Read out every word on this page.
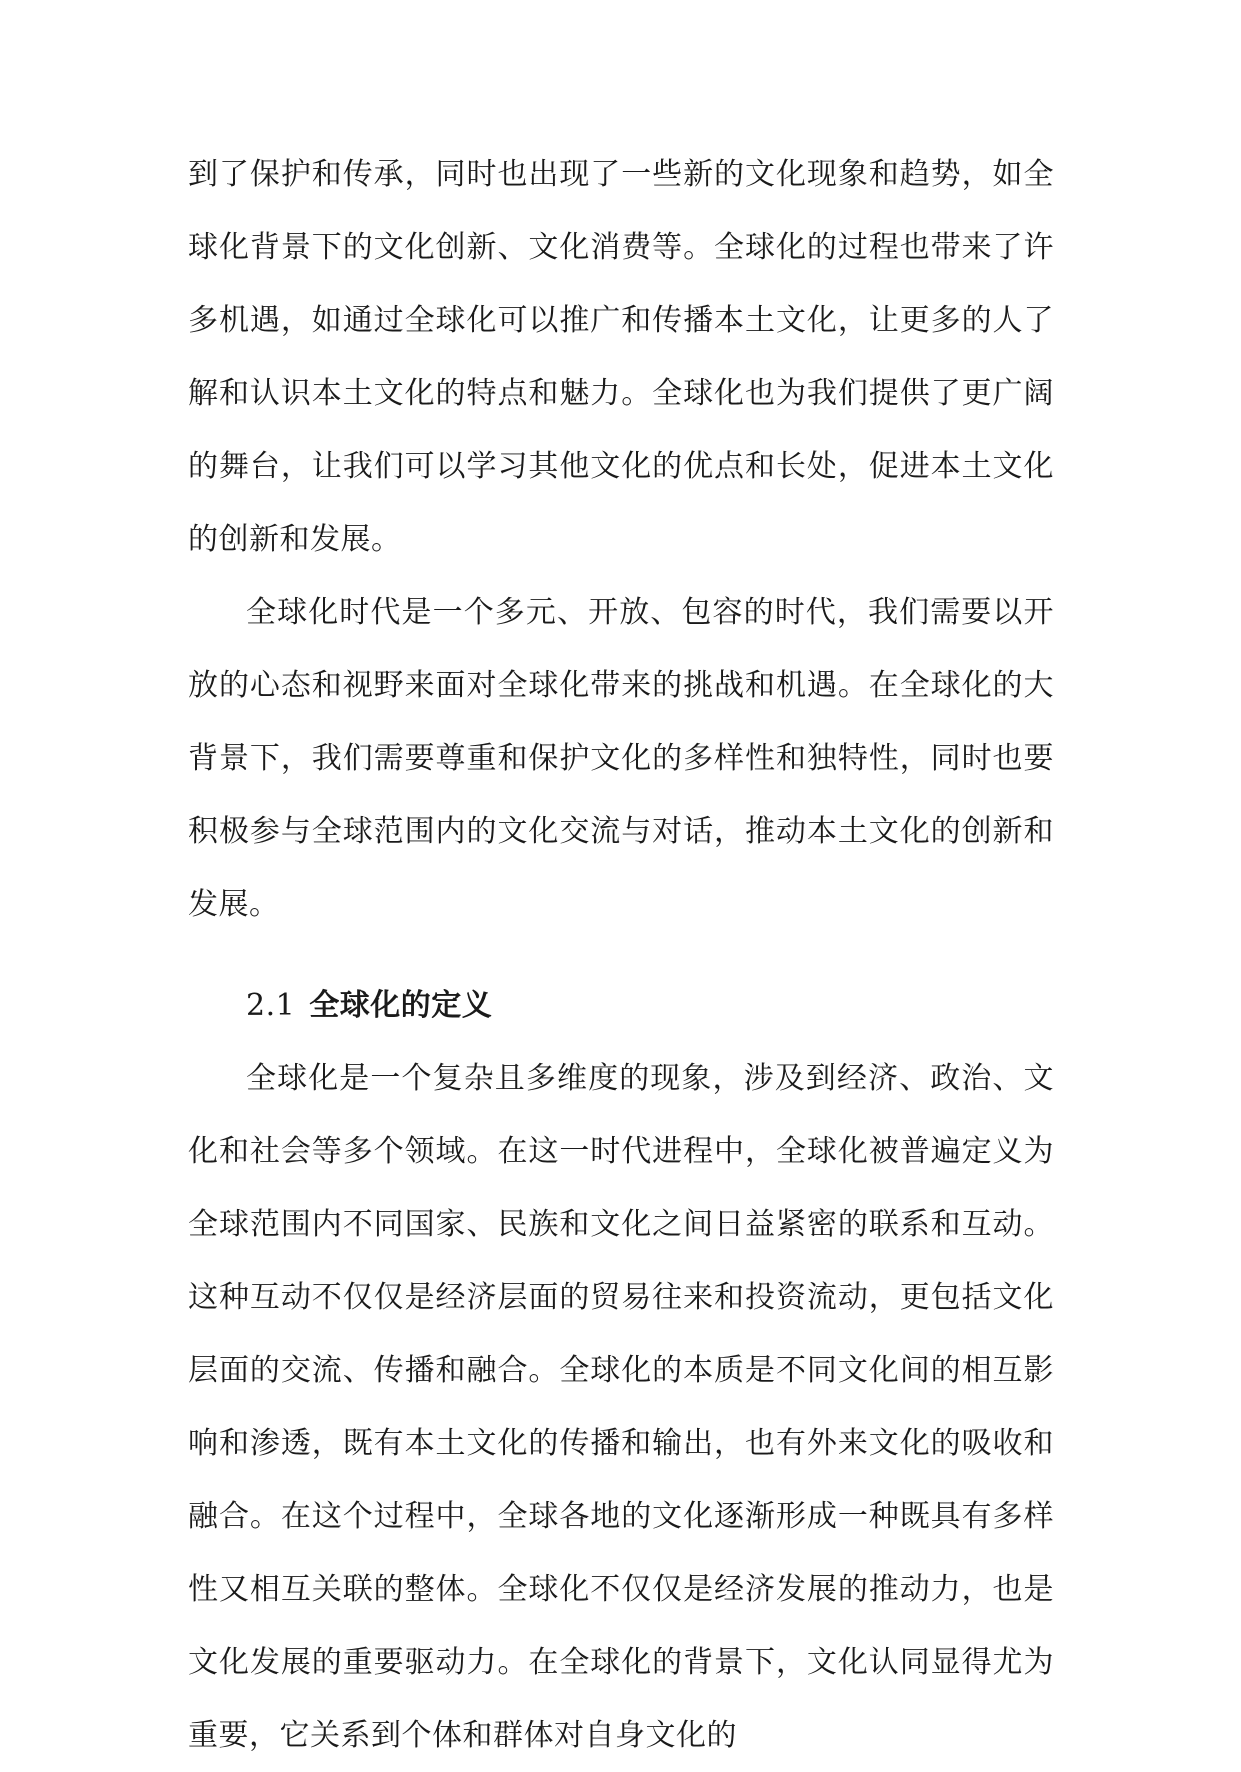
到了保护和传承，同时也出现了一些新的文化现象和趋势，如全球化背景下的文化创新、文化消费等。全球化的过程也带来了许多机遇，如通过全球化可以推广和传播本土文化，让更多的人了解和认识本土文化的特点和魅力。全球化也为我们提供了更广阔的舞台，让我们可以学习其他文化的优点和长处，促进本土文化的创新和发展。

全球化时代是一个多元、开放、包容的时代，我们需要以开放的心态和视野来面对全球化带来的挑战和机遇。在全球化的大背景下，我们需要尊重和保护文化的多样性和独特性，同时也要积极参与全球范围内的文化交流与对话，推动本土文化的创新和发展。

2.1 全球化的定义

全球化是一个复杂且多维度的现象，涉及到经济、政治、文化和社会等多个领域。在这一时代进程中，全球化被普遍定义为全球范围内不同国家、民族和文化之间日益紧密的联系和互动。这种互动不仅仅是经济层面的贸易往来和投资流动，更包括文化层面的交流、传播和融合。全球化的本质是不同文化间的相互影响和渗透，既有本土文化的传播和输出，也有外来文化的吸收和融合。在这个过程中，全球各地的文化逐渐形成一种既具有多样性又相互关联的整体。全球化不仅仅是经济发展的推动力，也是文化发展的重要驱动力。在全球化的背景下，文化认同显得尤为重要，它关系到个体和群体对自身文化的
